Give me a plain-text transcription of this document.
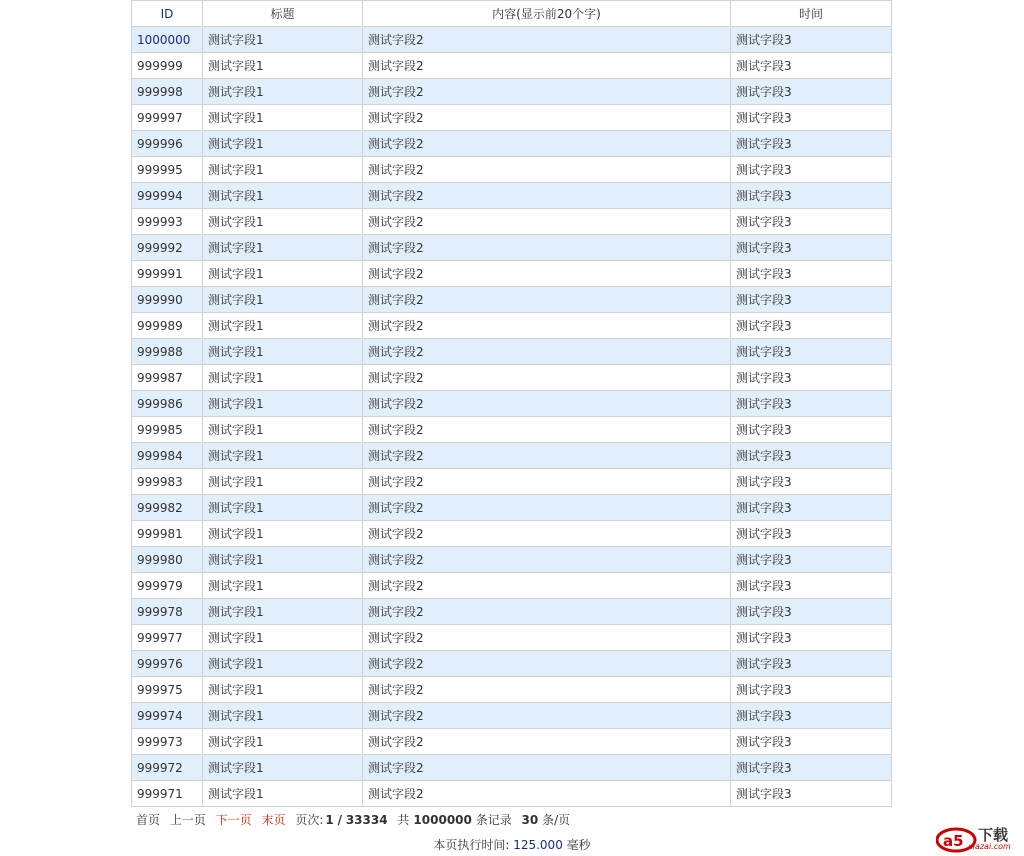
ID	标题	内容(显示前20个字)	时间
1000000	测试字段1	测试字段2	测试字段3
999999	测试字段1	测试字段2	测试字段3
999998	测试字段1	测试字段2	测试字段3
999997	测试字段1	测试字段2	测试字段3
999996	测试字段1	测试字段2	测试字段3
999995	测试字段1	测试字段2	测试字段3
999994	测试字段1	测试字段2	测试字段3
999993	测试字段1	测试字段2	测试字段3
999992	测试字段1	测试字段2	测试字段3
999991	测试字段1	测试字段2	测试字段3
999990	测试字段1	测试字段2	测试字段3
999989	测试字段1	测试字段2	测试字段3
999988	测试字段1	测试字段2	测试字段3
999987	测试字段1	测试字段2	测试字段3
999986	测试字段1	测试字段2	测试字段3
999985	测试字段1	测试字段2	测试字段3
999984	测试字段1	测试字段2	测试字段3
999983	测试字段1	测试字段2	测试字段3
999982	测试字段1	测试字段2	测试字段3
999981	测试字段1	测试字段2	测试字段3
999980	测试字段1	测试字段2	测试字段3
999979	测试字段1	测试字段2	测试字段3
999978	测试字段1	测试字段2	测试字段3
999977	测试字段1	测试字段2	测试字段3
999976	测试字段1	测试字段2	测试字段3
999975	测试字段1	测试字段2	测试字段3
999974	测试字段1	测试字段2	测试字段3
999973	测试字段1	测试字段2	测试字段3
999972	测试字段1	测试字段2	测试字段3
999971	测试字段1	测试字段2	测试字段3
首页 上一页 下一页 末页 页次: 1 / 33334 共 1000000 条记录 30 条/页
本页执行时间: 125.000 毫秒	a5 下载
xiazai.com
